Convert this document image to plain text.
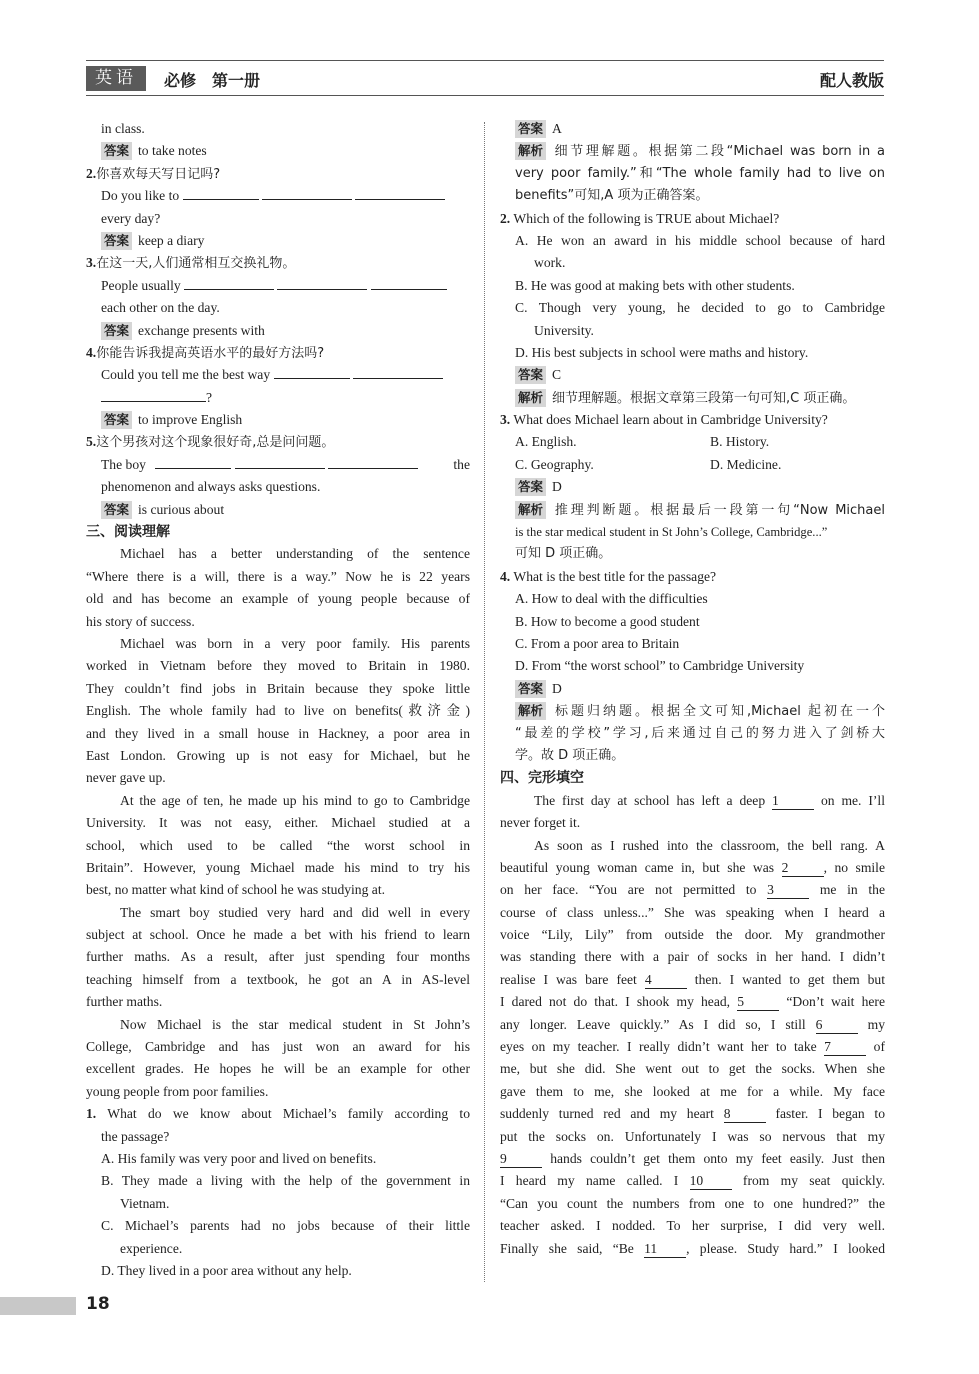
英语	必修　第一册	配人教版
in class.
答案 to take notes
2.你喜欢每天写日记吗?
Do you like to
every day?
答案 keep a diary
3.在这一天,人们通常相互交换礼物。
People usually
each other on the day.
答案 exchange presents with
4.你能告诉我提高英语水平的最好方法吗?
Could you tell me the best way
?
答案 to improve English
5.这个男孩对这个现象很好奇,总是问问题。
The boy	the
phenomenon and always asks questions.
答案 is curious about
三、阅读理解
Michael has a better understanding of the sentence
“Where there is a will, there is a way.” Now he is 22 years
old and has become an example of young people because of
his story of success.
Michael was born in a very poor family. His parents
worked in Vietnam before they moved to Britain in 1980.
They couldn’t find jobs in Britain because they spoke little
English. The whole family had to live on benefits(救济金)
and they lived in a small house in Hackney, a poor area in
East London. Growing up is not easy for Michael, but he
never gave up.
At the age of ten, he made up his mind to go to Cambridge
University. It was not easy, either. Michael studied at a
school, which used to be called “the worst school in
Britain”. However, young Michael made his mind to try his
best, no matter what kind of school he was studying at.
The smart boy studied very hard and did well in every
subject at school. Once he made a bet with his friend to learn
further maths. As a result, after just spending four months
teaching himself from a textbook, he got an A in AS-level
further maths.
Now Michael is the star medical student in St John’s
College, Cambridge and has just won an award for his
excellent grades. He hopes he will be an example for other
young people from poor families.
1. What do we know about Michael’s family according to
the passage?
A. His family was very poor and lived on benefits.
B. They made a living with the help of the government in
Vietnam.
C. Michael’s parents had no jobs because of their little
experience.
D. They lived in a poor area without any help.
答案 A
解析 细节理解题。根据第二段“Michael was born in a
very poor family.”和“The whole family had to live on
benefits”可知,A 项为正确答案。
2. Which of the following is TRUE about Michael?
A. He won an award in his middle school because of hard
work.
B. He was good at making bets with other students.
C. Though very young, he decided to go to Cambridge
University.
D. His best subjects in school were maths and history.
答案 C
解析 细节理解题。根据文章第三段第一句可知,C 项正确。
3. What does Michael learn about in Cambridge University?
A. English.	B. History.
C. Geography.	D. Medicine.
答案 D
解析 推理判断题。根据最后一段第一句“Now Michael
is the star medical student in St John’s College, Cambridge...”
可知 D 项正确。
4. What is the best title for the passage?
A. How to deal with the difficulties
B. How to become a good student
C. From a poor area to Britain
D. From “the worst school” to Cambridge University
答案 D
解析 标题归纳题。根据全文可知,Michael 起初在一个
“最差的学校”学习,后来通过自己的努力进入了剑桥大
学。故 D 项正确。
四、完形填空
The first day at school has left a deep 1	on me. I’ll
never forget it.
As soon as I rushed into the classroom, the bell rang. A
beautiful young woman came in, but she was 2	, no smile
on her face. “You are not permitted to 3	me in the
course of class unless...” She was speaking when I heard a
voice “Lily, Lily” from outside the door. My grandmother
was standing there with a pair of socks in her hand. I didn’t
realise I was bare feet 4	then. I wanted to get them but
I dared not do that. I shook my head, 5	“Don’t wait here
any longer. Leave quickly.” As I did so, I still 6	my
eyes on my teacher. I really didn’t want her to take 7	of
me, but she did. She went out to get the socks. When she
gave them to me, she looked at me for a while. My face
suddenly turned red and my heart 8	faster. I began to
put the socks on. Unfortunately I was so nervous that my
9	hands couldn’t get them onto my feet easily. Just then
I heard my name called. I 10	from my seat quickly.
“Can you count the numbers from one to one hundred?” the
teacher asked. I nodded. To her surprise, I did very well.
Finally she said, “Be 11 , please. Study hard.” I looked
18
